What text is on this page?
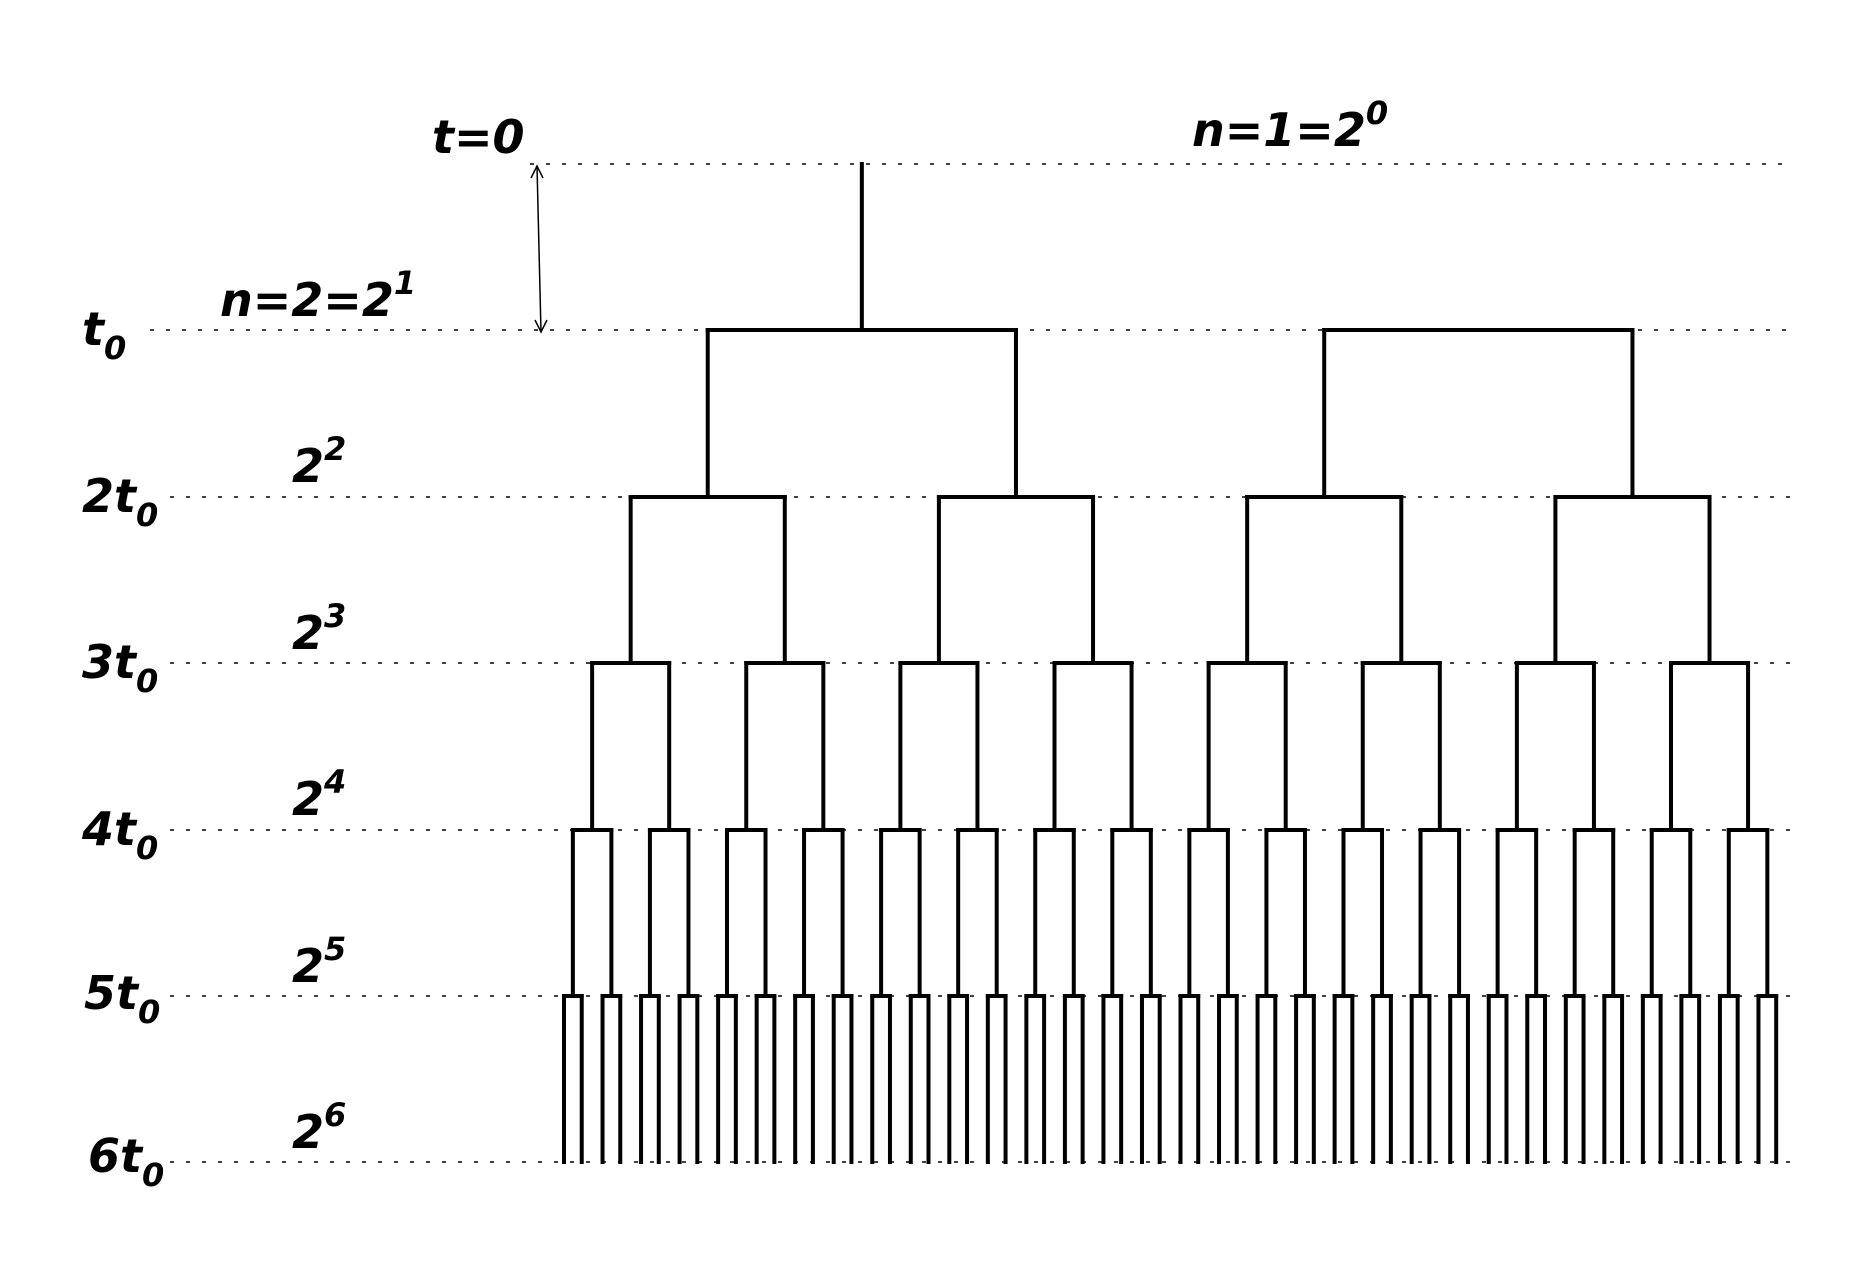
t=0
$t_0$
$2t_0$
$3t_0$
$4t_0$
$5t_0$
$6t_0$
$n=1=2^0$
$n=2=2^1$
$2^2$
$2^3$
$2^4$
$2^5$
$2^6$
